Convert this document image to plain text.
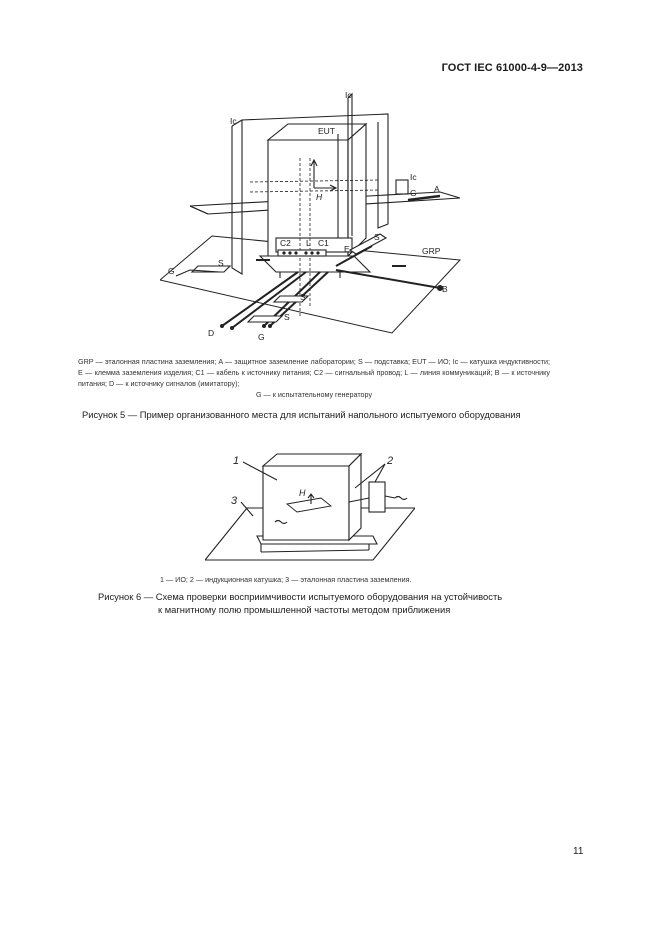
ГОСТ IEC 61000-4-9—2013
Ic
Ic
Ic
EUT
H
A
G
GRP
S
E
C2 L C1
G
S
S
S
B
D	G
GRP — эталонная пластина заземления; A — защитное заземление лаборатории; S — подставка; EUT — ИО; Ic — катушка индуктивности; E — клемма заземления изделия; C1 — кабель к источнику питания; C2 — сигнальный провод; L — линия коммуникаций; B — к источнику питания; D — к источнику сигналов (имитатору);
G — к испытательному генератору
Рисунок 5 — Пример организованного места для испытаний напольного испытуемого оборудования
1	2
3
H
1 — ИО; 2 — индукционная катушка; 3 — эталонная пластина заземления.
Рисунок 6 — Схема проверки восприимчивости испытуемого оборудования на устойчивость
к магнитному полю промышленной частоты методом приближения
11
